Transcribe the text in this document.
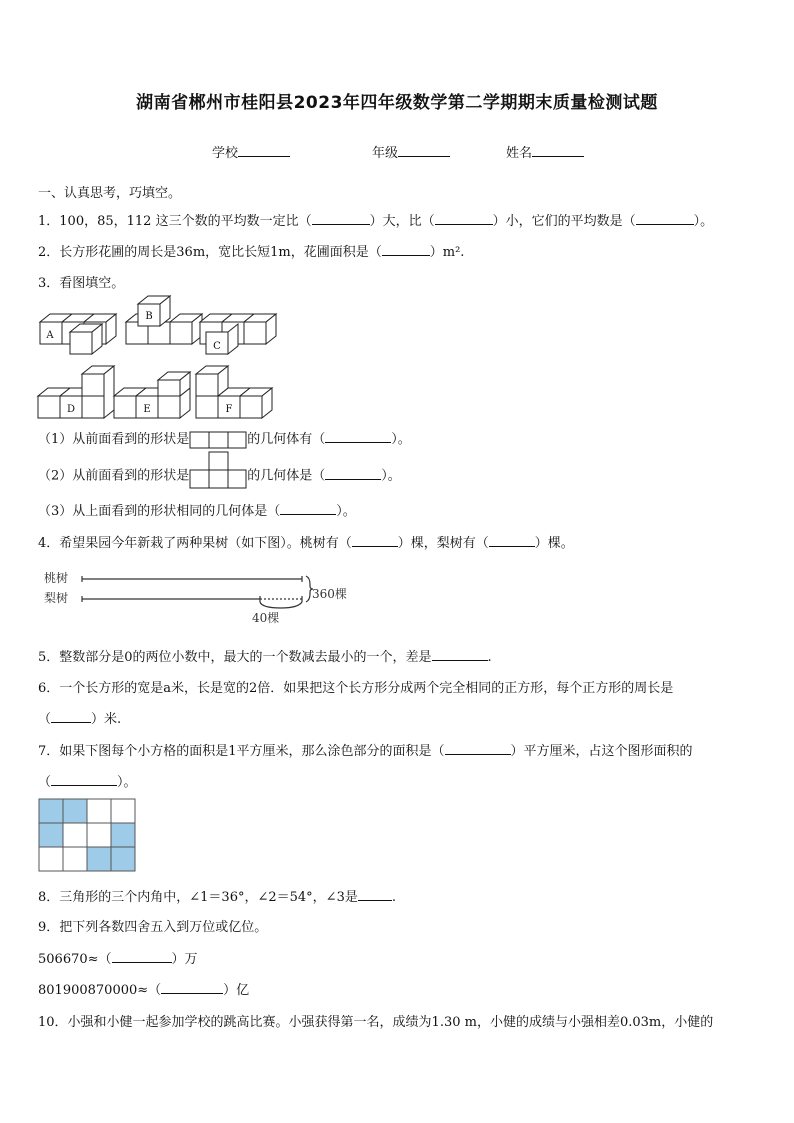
湖南省郴州市桂阳县2023年四年级数学第二学期期末质量检测试题
学校	年级	姓名
一、认真思考，巧填空。
1．100，85，112 这三个数的平均数一定比（	）大，比（	）小，它们的平均数是（	）。
2．长方形花圃的周长是36m，宽比长短1m，花圃面积是（	）m².
3．看图填空。
A
B
C
D	E	F
（1）从前面看到的形状是	的几何体有（	）。
（2）从前面看到的形状是	的几何体是（	）。
（3）从上面看到的形状相同的几何体是（	）。
4．希望果园今年新栽了两种果树（如下图）。桃树有（	）棵，梨树有（	）棵。
桃树
梨树	360棵
40棵
5．整数部分是0的两位小数中，最大的一个数减去最小的一个，差是	.
6．一个长方形的宽是a米，长是宽的2倍．如果把这个长方形分成两个完全相同的正方形，每个正方形的周长是
（	）米.
7．如果下图每个小方格的面积是1平方厘米，那么涂色部分的面积是（	）平方厘米，占这个图形面积的
（	）。
8．三角形的三个内角中，∠1＝36°，∠2＝54°，∠3是	.
9．把下列各数四舍五入到万位或亿位。
506670≈（	）万
801900870000≈（	）亿
10．小强和小健一起参加学校的跳高比赛。小强获得第一名，成绩为1.30 m，小健的成绩与小强相差0.03m，小健的
